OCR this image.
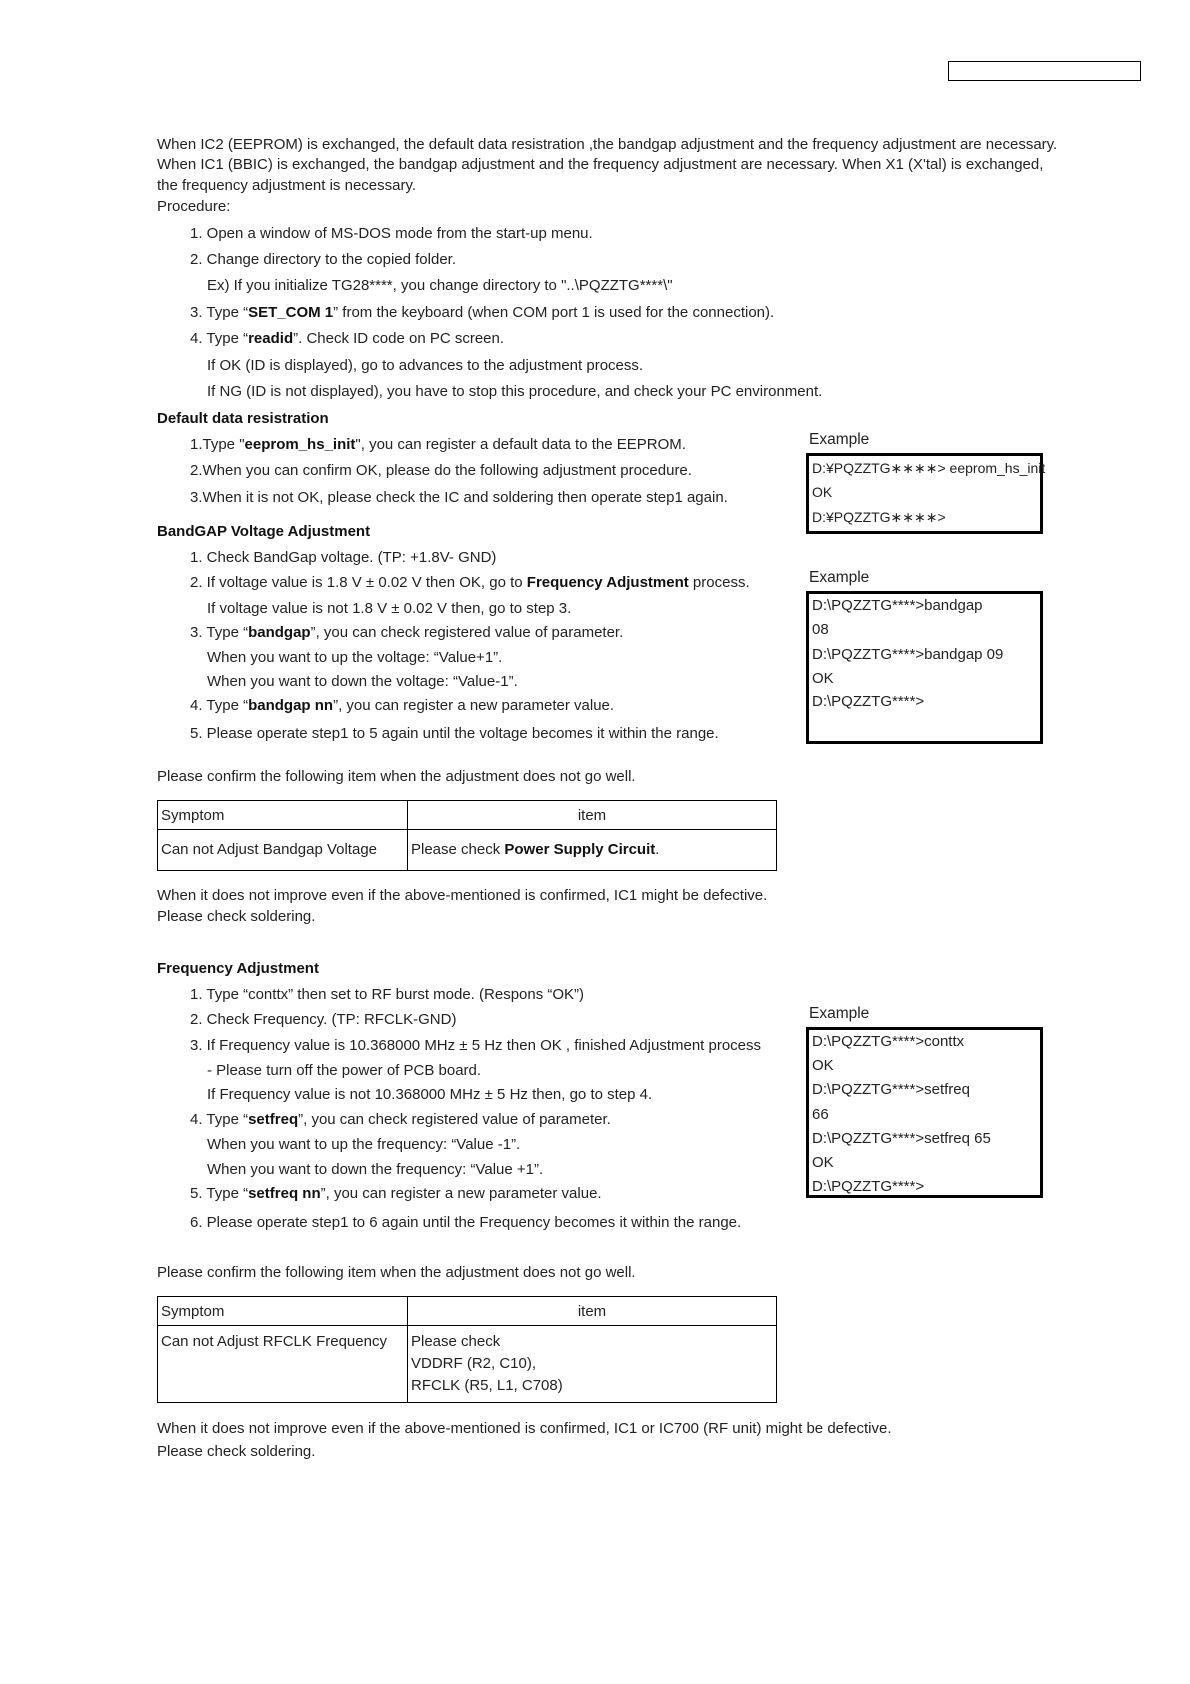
When IC2 (EEPROM) is exchanged, the default data resistration ,the bandgap adjustment and the frequency adjustment are necessary.
When IC1 (BBIC) is exchanged, the bandgap adjustment and the frequency adjustment are necessary. When X1 (X'tal) is exchanged,
the frequency adjustment is necessary.
Procedure:
1. Open a window of MS-DOS mode from the start-up menu.
2. Change directory to the copied folder.
Ex) If you initialize TG28****, you change directory to "..\PQZZTG****\"
3. Type “SET_COM 1” from the keyboard (when COM port 1 is used for the connection).
4. Type “readid”. Check ID code on PC screen.
If OK (ID is displayed), go to advances to the adjustment process.
If NG (ID is not displayed), you have to stop this procedure, and check your PC environment.
Default data resistration
1.Type "eeprom_hs_init", you can register a default data to the EEPROM.
2.When you can confirm OK, please do the following adjustment procedure.
3.When it is not OK, please check the IC and soldering then operate step1 again.
Example
D:¥PQZZTG∗∗∗∗> eeprom_hs_init
OK
D:¥PQZZTG∗∗∗∗>
BandGAP Voltage Adjustment
1. Check BandGap voltage. (TP: +1.8V- GND)
2. If voltage value is 1.8 V ± 0.02 V then OK, go to Frequency Adjustment process.
If voltage value is not 1.8 V ± 0.02 V then, go to step 3.
3. Type “bandgap”, you can check registered value of parameter.
When you want to up the voltage: “Value+1”.
When you want to down the voltage: “Value-1”.
4. Type “bandgap nn”, you can register a new parameter value.
5. Please operate step1 to 5 again until the voltage becomes it within the range.
Example
D:\PQZZTG****>bandgap
08
D:\PQZZTG****>bandgap 09
OK
D:\PQZZTG****>
Please confirm the following item when the adjustment does not go well.
Symptom	item
Can not Adjust Bandgap Voltage Please check Power Supply Circuit.
When it does not improve even if the above-mentioned is confirmed, IC1 might be defective.
Please check soldering.
Frequency Adjustment
1. Type “conttx” then set to RF burst mode. (Respons “OK”)
2. Check Frequency. (TP: RFCLK-GND)
3. If Frequency value is 10.368000 MHz ± 5 Hz then OK , finished Adjustment process
- Please turn off the power of PCB board.
If Frequency value is not 10.368000 MHz ± 5 Hz then, go to step 4.
4. Type “setfreq”, you can check registered value of parameter.
When you want to up the frequency: “Value -1”.
When you want to down the frequency: “Value +1”.
5. Type “setfreq nn”, you can register a new parameter value.
6. Please operate step1 to 6 again until the Frequency becomes it within the range.
Example
D:\PQZZTG****>conttx
OK
D:\PQZZTG****>setfreq
66
D:\PQZZTG****>setfreq 65
OK
D:\PQZZTG****>
Please confirm the following item when the adjustment does not go well.
Symptom	item
Can not Adjust RFCLK Frequency Please check
VDDRF (R2, C10),
RFCLK (R5, L1, C708)
When it does not improve even if the above-mentioned is confirmed, IC1 or IC700 (RF unit) might be defective.
Please check soldering.
